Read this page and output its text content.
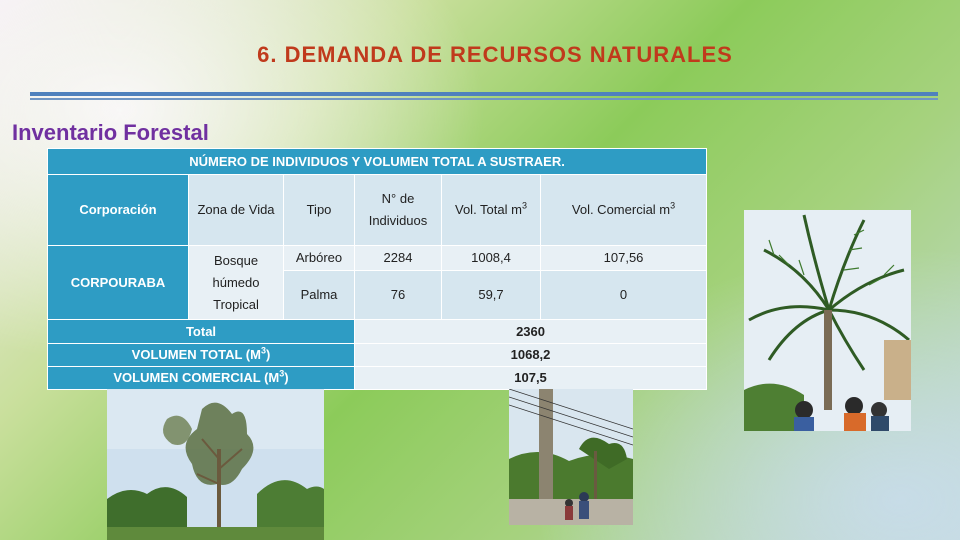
6. DEMANDA DE RECURSOS NATURALES
Inventario Forestal
NÚMERO DE INDIVIDUOS Y VOLUMEN TOTAL A SUSTRAER.					
Corporación	Zona de Vida	Tipo	N° de Individuos	Vol. Total $m^3$	Vol. Comercial $m^3$
CORPOURABA	Bosque húmedo Tropical	Arbóreo	2284	1008,4	107,56
		Palma	76	59,7	0
Total			2360		
VOLUMEN TOTAL $(M^3)$			1068,2		
VOLUMEN COMERCIAL $(M^3)$			107,5		
